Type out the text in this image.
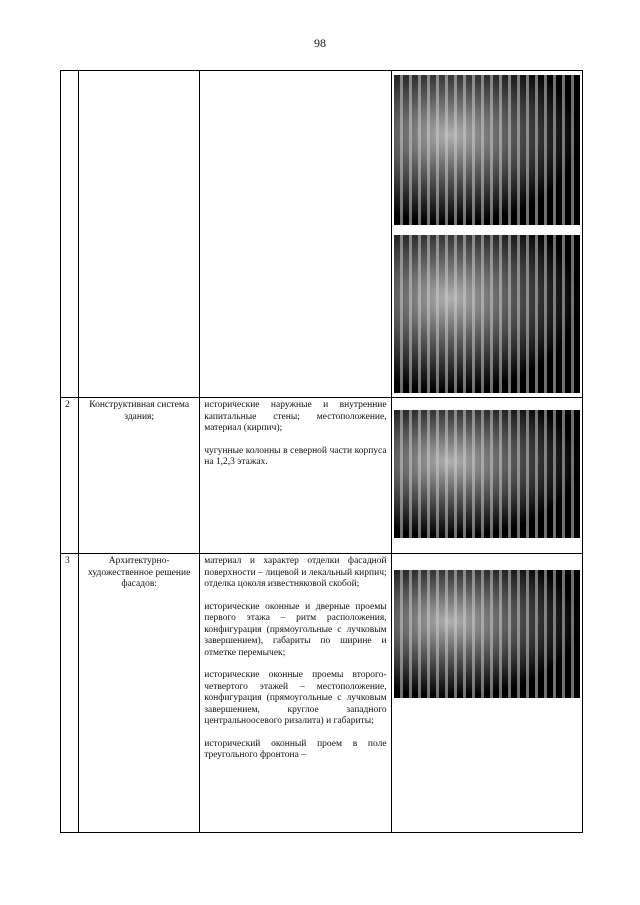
98

2	Конструктивная система здания;	исторические наружные и внутренние капитальные стены; местоположение, материал (кирпич);

чугунные колонны в северной части корпуса на 1,2,3 этажах.	

3	Архитектурно-художественное решение фасадов:	материал и характер отделки фасадной поверхности – лицевой и лекальный кирпич; отделка цоколя известняковой скобой;

исторические оконные и дверные проемы первого этажа – ритм расположения, конфигурация (прямоугольные с лучковым завершением), габариты по ширине и отметке перемычек;

исторические оконные проемы второго-четвертого этажей – местоположение, конфигурация (прямоугольные с лучковым завершением, круглое западного центральноосевого ризалита) и габариты;

исторический оконный проем в поле треугольного фронтона –	
